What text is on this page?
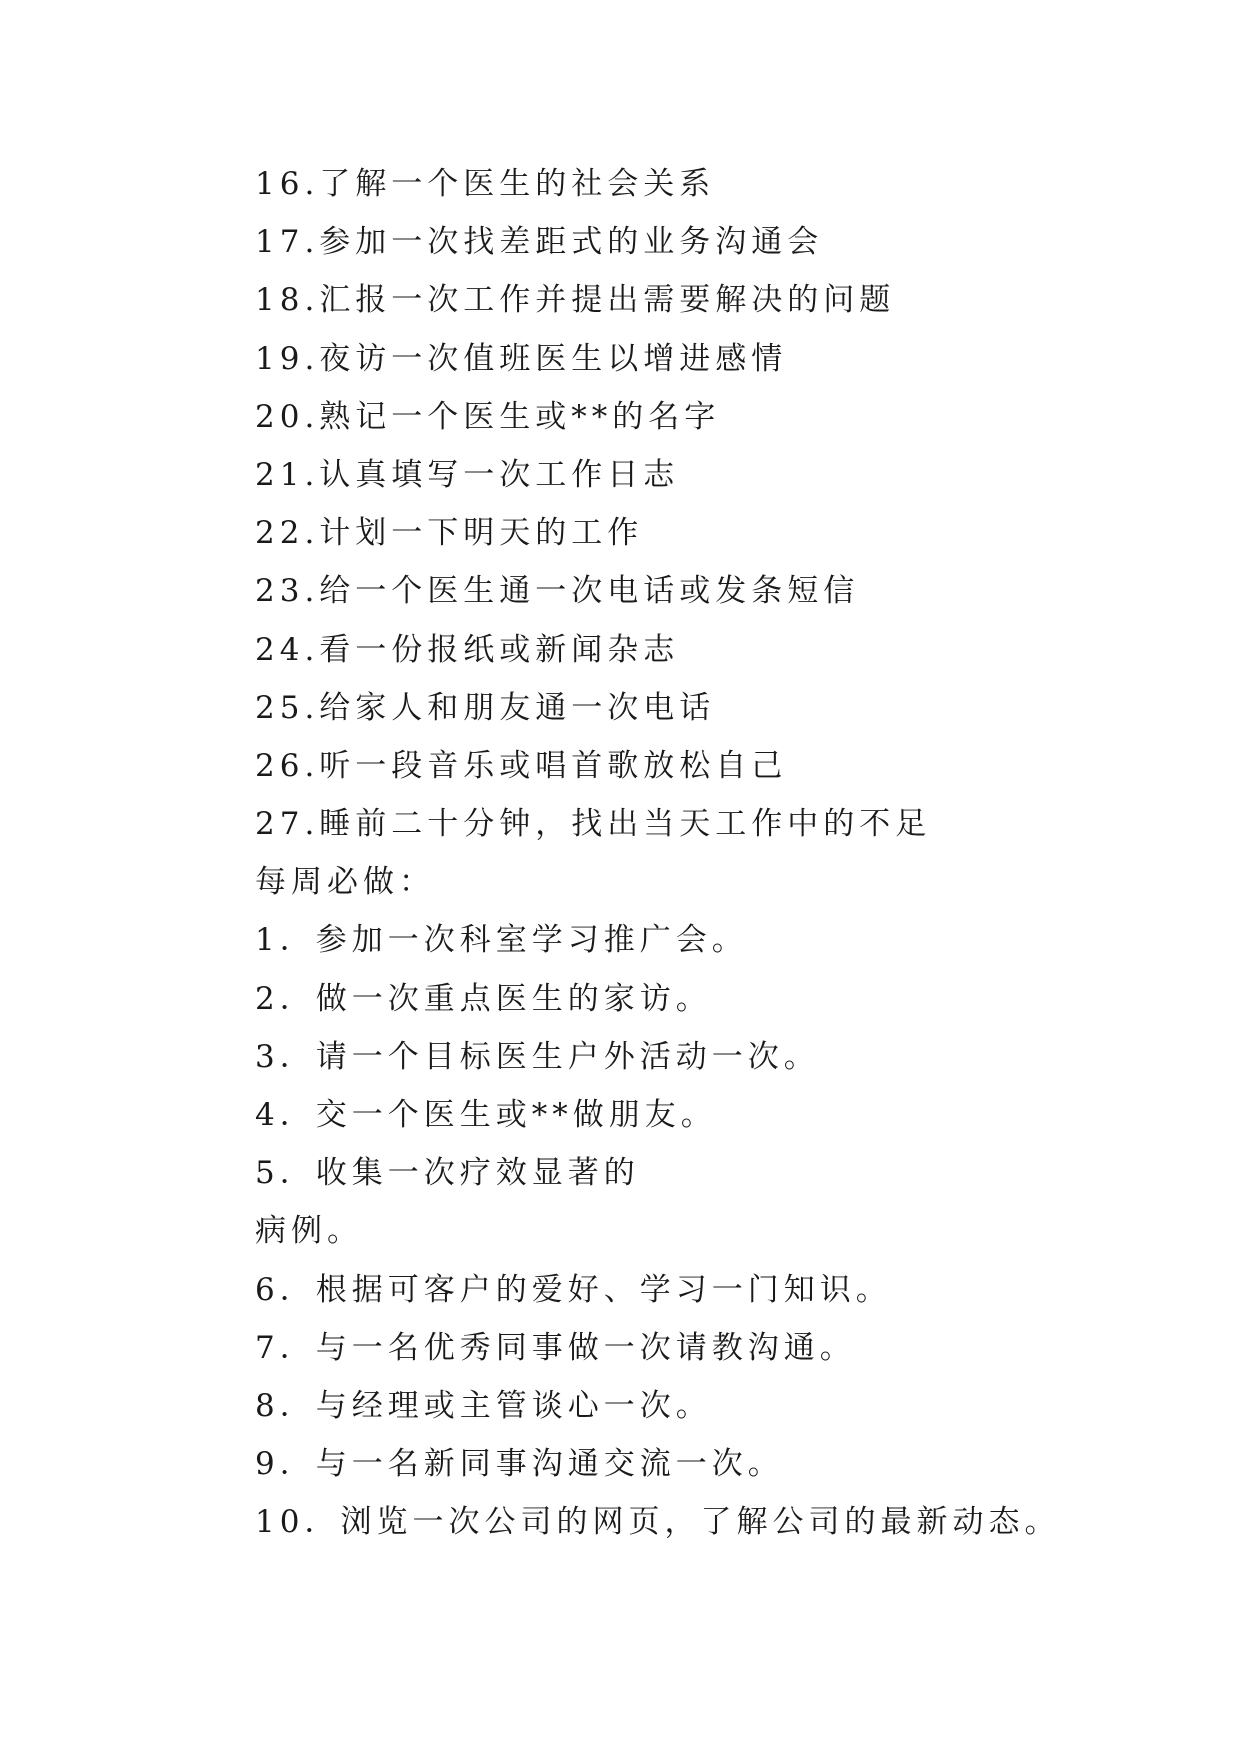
16.了解一个医生的社会关系
17.参加一次找差距式的业务沟通会
18.汇报一次工作并提出需要解决的问题
19.夜访一次值班医生以增进感情
20.熟记一个医生或**的名字
21.认真填写一次工作日志
22.计划一下明天的工作
23.给一个医生通一次电话或发条短信
24.看一份报纸或新闻杂志
25.给家人和朋友通一次电话
26.听一段音乐或唱首歌放松自己
27.睡前二十分钟，找出当天工作中的不足
每周必做：
1．参加一次科室学习推广会。
2．做一次重点医生的家访。
3．请一个目标医生户外活动一次。
4．交一个医生或**做朋友。
5．收集一次疗效显著的
病例。
6．根据可客户的爱好、学习一门知识。
7．与一名优秀同事做一次请教沟通。
8．与经理或主管谈心一次。
9．与一名新同事沟通交流一次。
10．浏览一次公司的网页，了解公司的最新动态。
